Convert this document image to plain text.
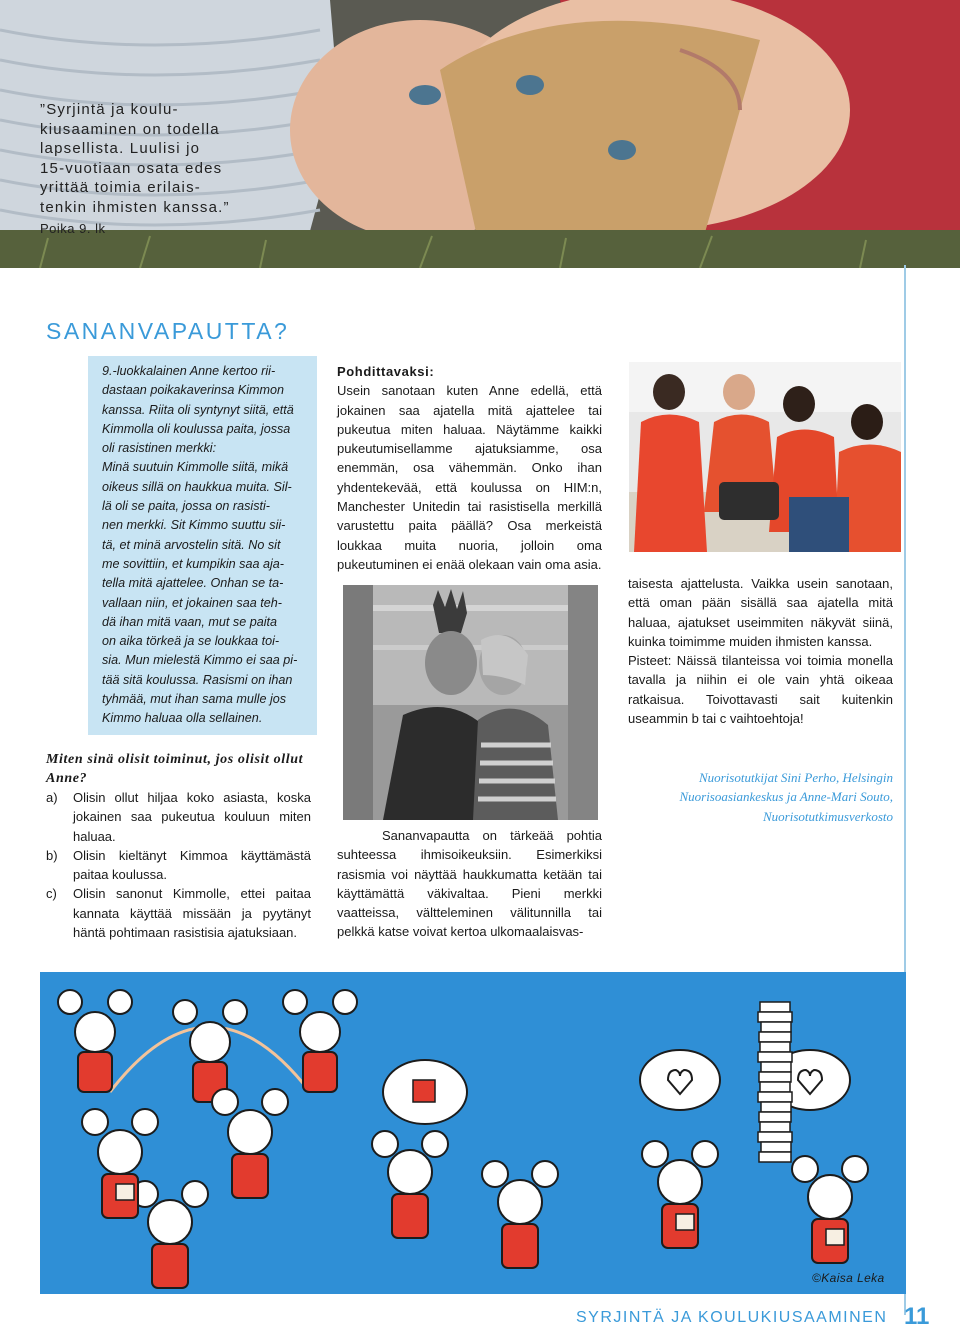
”Syrjintä ja koulu-
kiusaaminen on todella
lapsellista. Luulisi jo
15-vuotiaan osata edes
yrittää toimia erilais-
tenkin ihmisten kanssa.”
Poika 9. lk
SANANVAPAUTTA?
9.-luokkalainen Anne kertoo rii-
dastaan poikakaverinsa Kimmon
kanssa. Riita oli syntynyt siitä, että
Kimmolla oli koulussa paita, jossa
oli rasistinen merkki:
Minä suutuin Kimmolle siitä, mikä
oikeus sillä on haukkua muita. Sil-
lä oli se paita, jossa on rasisti-
nen merkki. Sit Kimmo suuttu sii-
tä, et minä arvostelin sitä. No sit
me sovittiin, et kumpikin saa aja-
tella mitä ajattelee. Onhan se ta-
vallaan niin, et jokainen saa teh-
dä ihan mitä vaan, mut se paita
on aika törkeä ja se loukkaa toi-
sia. Mun mielestä Kimmo ei saa pi-
tää sitä koulussa. Rasismi on ihan
tyhmää, mut ihan sama mulle jos
Kimmo haluaa olla sellainen.
Miten sinä olisit toiminut, jos olisit ollut Anne?
a)	Olisin ollut hiljaa koko asiasta, koska jokainen saa pukeutua kouluun miten haluaa.
b)	Olisin kieltänyt Kimmoa käyttämästä paitaa koulussa.
c)	Olisin sanonut Kimmolle, ettei paitaa kannata käyttää missään ja pyytänyt häntä pohtimaan rasistisia ajatuksiaan.
Pohdittavaksi:
Usein sanotaan kuten Anne edellä, että jokainen saa ajatella mitä ajattelee tai pukeutua miten haluaa. Näytämme kaikki pukeutumisellamme ajatuksiamme, osa enemmän, osa vähemmän. Onko ihan yhdentekevää, että koulussa on HIM:n, Manchester Unitedin tai rasistisella merkillä varustettu paita päällä? Osa merkeistä loukkaa muita nuoria, jolloin oma pukeutuminen ei enää olekaan vain oma asia.
Sananvapautta on tärkeää pohtia suhteessa ihmisoikeuksiin. Esimerkiksi rasismia voi näyttää haukkumatta ketään tai käyttämättä väkivaltaa. Pieni merkki vaatteissa, välttelеminen välitunnilla tai pelkkä katse voivat kertoa ulkomaalaisvas-
taisesta ajattelusta. Vaikka usein sanotaan, että oman pään sisällä saa ajatella mitä haluaa, ajatukset useimmiten näkyvät siinä, kuinka toimimme muiden ihmisten kanssa.
Pisteet: Näissä tilanteissa voi toimia monella tavalla ja niihin ei ole vain yhtä oikeaa ratkaisua. Toivottavasti sait kuitenkin useammin b tai c vaihtoehtoja!
Nuorisotutkijat Sini Perho, Helsingin
Nuorisoasiankeskus ja Anne-Mari Souto,
Nuorisotutkimusverkosto
©Kaisa Leka
SYRJINTÄ JA KOULUKIUSAAMINEN 11
